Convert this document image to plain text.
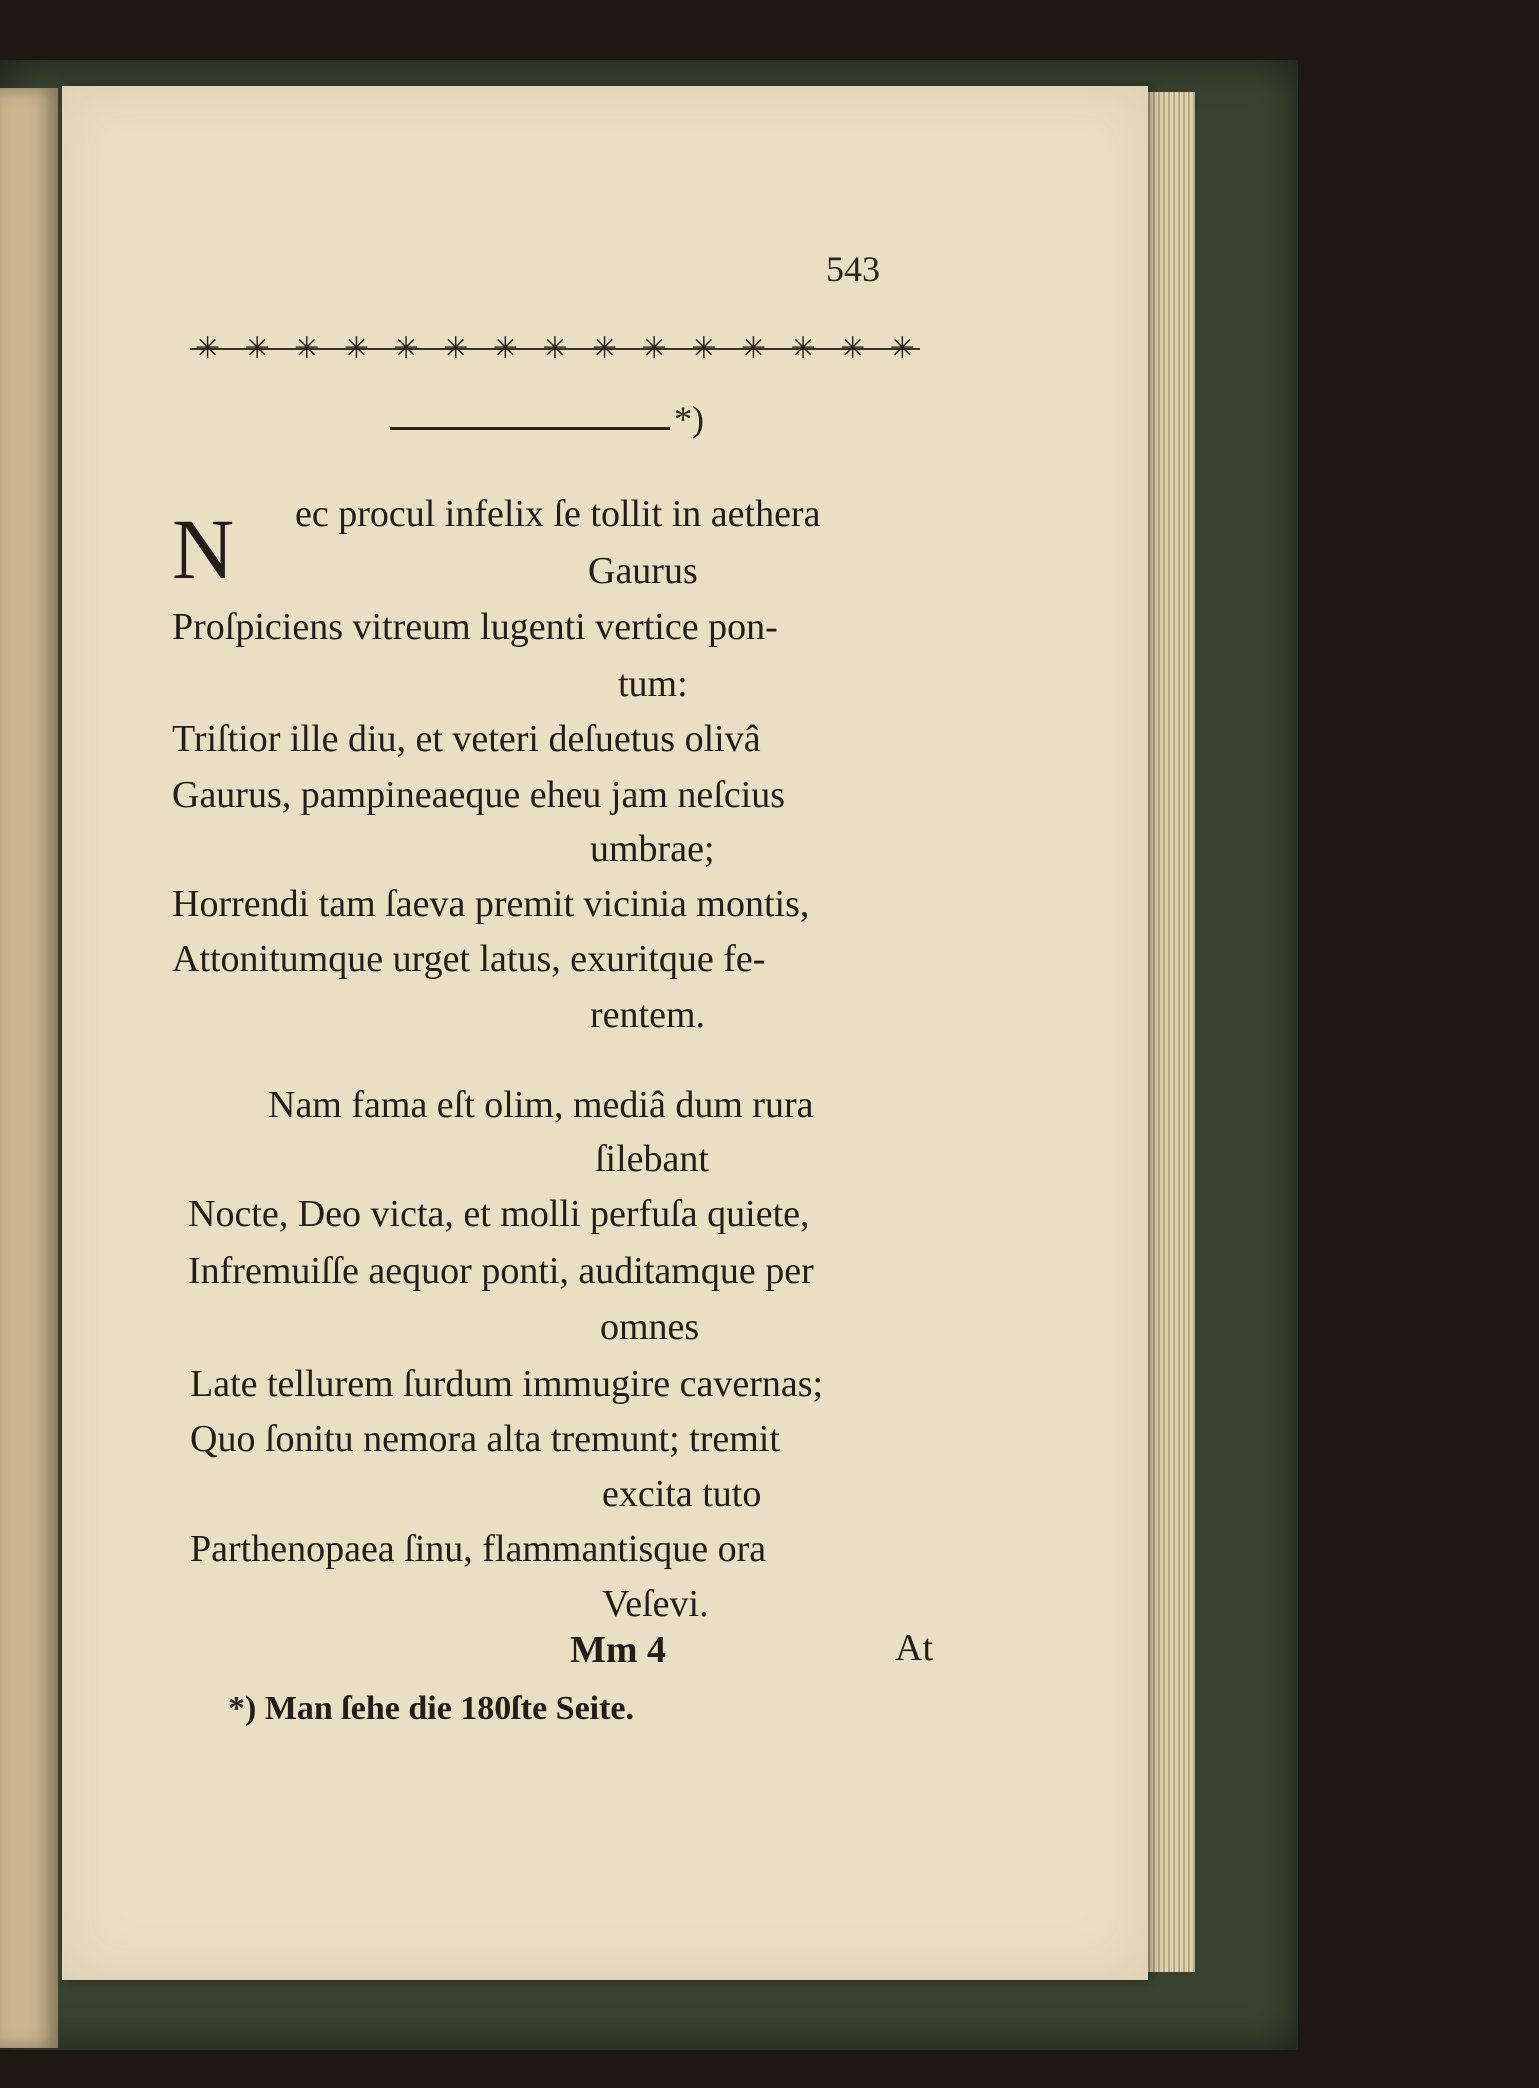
543
✳ ✳ ✳ ✳ ✳ ✳ ✳ ✳ ✳ ✳ ✳ ✳ ✳ ✳ ✳
*)
N ec procul infelix ſe tollit in aethera
Gaurus
Proſpiciens vitreum lugenti vertice pon-
tum:
Triſtior ille diu, et veteri deſuetus olivâ
Gaurus, pampineaeque eheu jam neſcius
umbrae;
Horrendi tam ſaeva premit vicinia montis,
Attonitumque urget latus, exuritque fe-
rentem.
Nam fama eſt olim, mediâ dum rura
ſilebant
Nocte, Deo victa, et molli perfuſa quiete,
Infremuiſſe aequor ponti, auditamque per
omnes
Late tellurem ſurdum immugire cavernas;
Quo ſonitu nemora alta tremunt; tremit
excita tuto
Parthenopaea ſinu, flammantisque ora
Veſevi.
Mm 4	At
*) Man ſehe die 180ſte Seite.
